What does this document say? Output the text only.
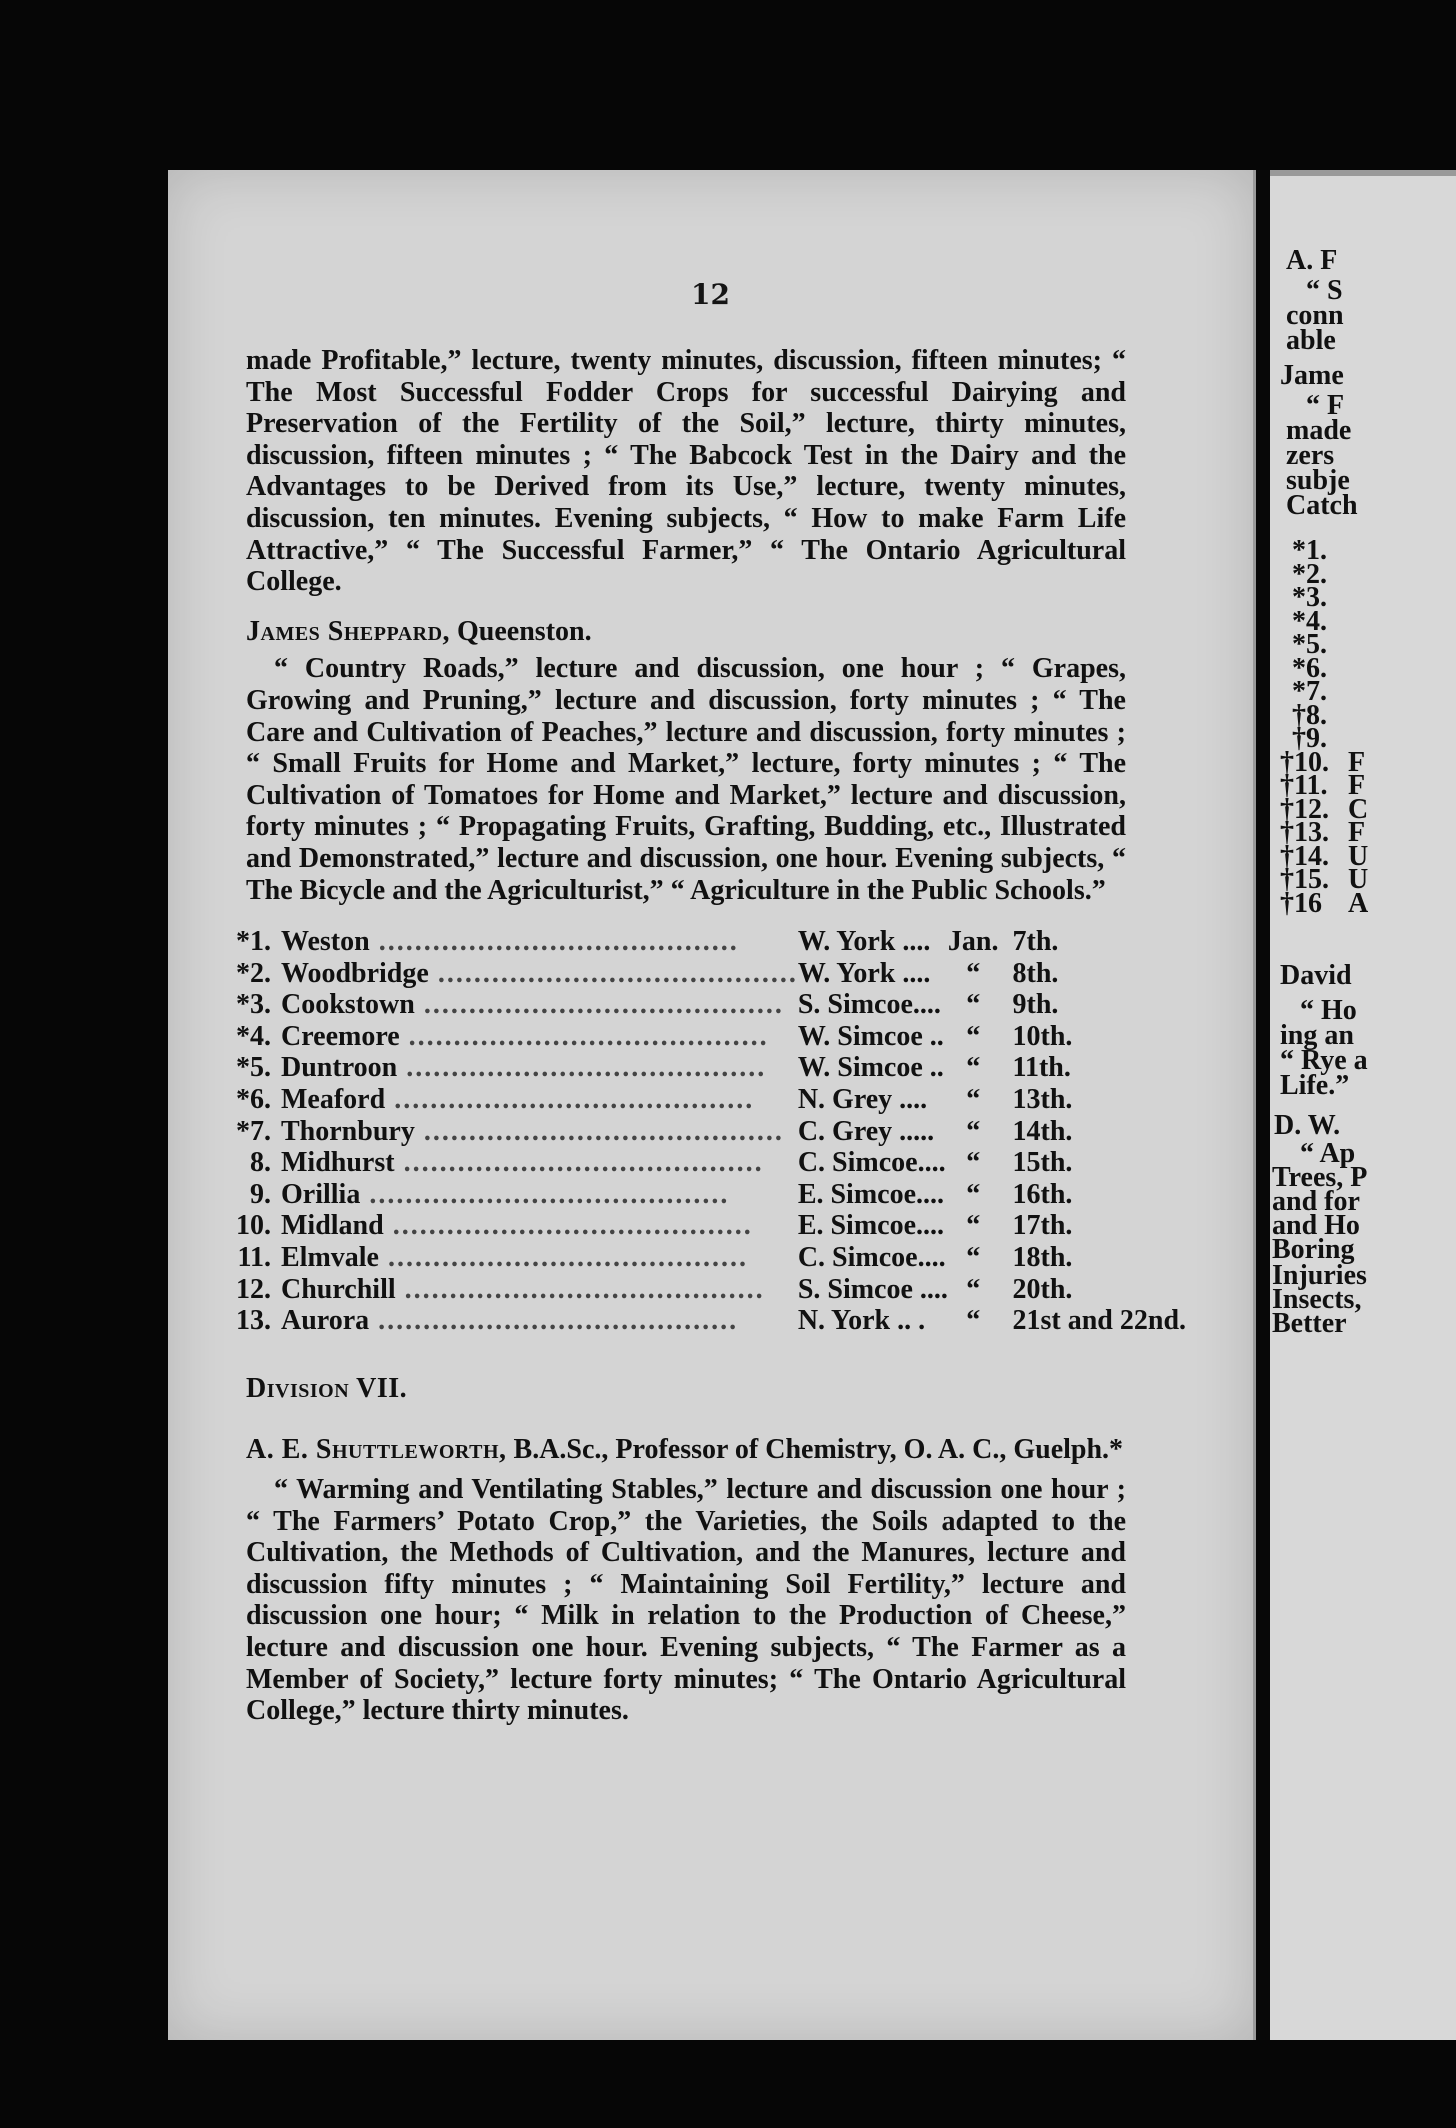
12

made Profitable,” lecture, twenty minutes, discussion, fifteen minutes; “ The Most Successful Fodder Crops for successful Dairying and Preservation of the Fertility of the Soil,” lecture, thirty minutes, discussion, fifteen minutes ; “ The Babcock Test in the Dairy and the Advantages to be Derived from its Use,” lecture, twenty minutes, discussion, ten minutes. Evening subjects, “ How to make Farm Life Attractive,” “ The Successful Farmer,” “ The Ontario Agricultural College.

James Sheppard, Queenston.

“ Country Roads,” lecture and discussion, one hour ; “ Grapes, Growing and Pruning,” lecture and discussion, forty minutes ; “ The Care and Cultivation of Peaches,” lecture and discussion, forty minutes ; “ Small Fruits for Home and Market,” lecture, forty minutes ; “ The Cultivation of Tomatoes for Home and Market,” lecture and discussion, forty minutes ; “ Propagating Fruits, Grafting, Budding, etc., Illustrated and Demonstrated,” lecture and discussion, one hour. Evening subjects, “ The Bicycle and the Agriculturist,” “ Agriculture in the Public Schools.”

*1.	Weston ........................................	W. York ....	Jan.	7th.
*2.	Woodbridge ........................................	W. York ....	“	8th.
*3.	Cookstown ........................................	S. Simcoe....	“	9th.
*4.	Creemore ........................................	W. Simcoe ..	“	10th.
*5.	Duntroon ........................................	W. Simcoe ..	“	11th.
*6.	Meaford ........................................	N. Grey ....	“	13th.
*7.	Thornbury ........................................	C. Grey .....	“	14th.
8.	Midhurst ........................................	C. Simcoe....	“	15th.
9.	Orillia ........................................	E. Simcoe....	“	16th.
10.	Midland ........................................	E. Simcoe....	“	17th.
11.	Elmvale ........................................	C. Simcoe....	“	18th.
12.	Churchill ........................................	S. Simcoe ....	“	20th.
13.	Aurora ........................................	N. York .. .	“	21st and 22nd.

Division VII.

A. E. Shuttleworth, B.A.Sc., Professor of Chemistry, O. A. C., Guelph.*

“ Warming and Ventilating Stables,” lecture and discussion one hour ; “ The Farmers’ Potato Crop,” the Varieties, the Soils adapted to the Cultivation, the Methods of Cultivation, and the Manures, lecture and discussion fifty minutes ; “ Maintaining Soil Fertility,” lecture and discussion one hour; “ Milk in relation to the Production of Cheese,” lecture and discussion one hour. Evening subjects, “ The Farmer as a Member of Society,” lecture forty minutes; “ The Ontario Agricultural College,” lecture thirty minutes.

A. F
“ S
conn
able
Jame
“ F
made
zers
subje
Catch
*1.
*2.
*3.
*4.
*5.
*6.
*7.
†8.
†9.
†10. F
†11. F
†12. C
†13. F
†14. U
†15. U
†16 A
David
“ Ho
ing an
“ Rye a
Life.”
D. W.
“ Ap
Trees, P
and for
and Ho
Boring
Injuries
Insects,
Better
